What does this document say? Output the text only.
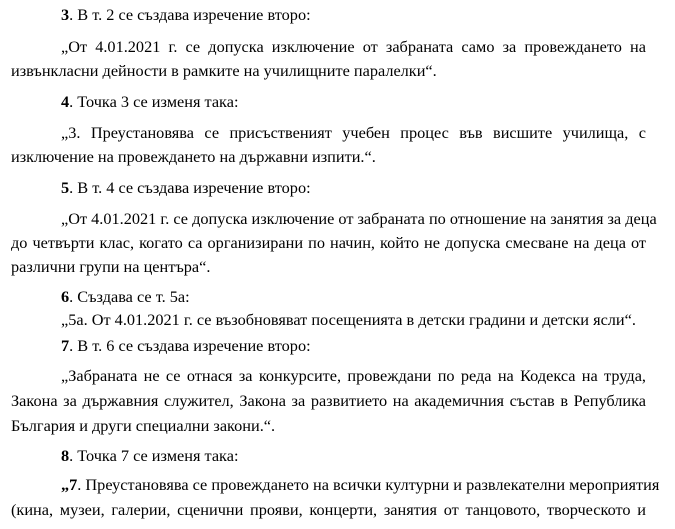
3. В т. 2 се създава изречение второ:
„От 4.01.2021 г. се допуска изключение от забраната само за провеждането на
извънкласни дейности в рамките на училищните паралелки“.
4. Точка 3 се изменя така:
„3. Преустановява се присъственият учебен процес във висшите училища, с
изключение на провеждането на държавни изпити.“.
5. В т. 4 се създава изречение второ:
„От 4.01.2021 г. се допуска изключение от забраната по отношение на занятия за деца
до четвърти клас, когато са организирани по начин, който не допуска смесване на деца от
различни групи на центъра“.
6. Създава се т. 5а:
„5а. От 4.01.2021 г. се възобновяват посещенията в детски градини и детски ясли“.
7. В т. 6 се създава изречение второ:
„Забраната не се отнася за конкурсите, провеждани по реда на Кодекса на труда,
Закона за държавния служител, Закона за развитието на академичния състав в Република
България и други специални закони.“.
8. Точка 7 се изменя така:
„7. Преустановява се провеждането на всички културни и развлекателни мероприятия
(кина, музеи, галерии, сценични прояви, концерти, занятия от танцовото, творческото и
